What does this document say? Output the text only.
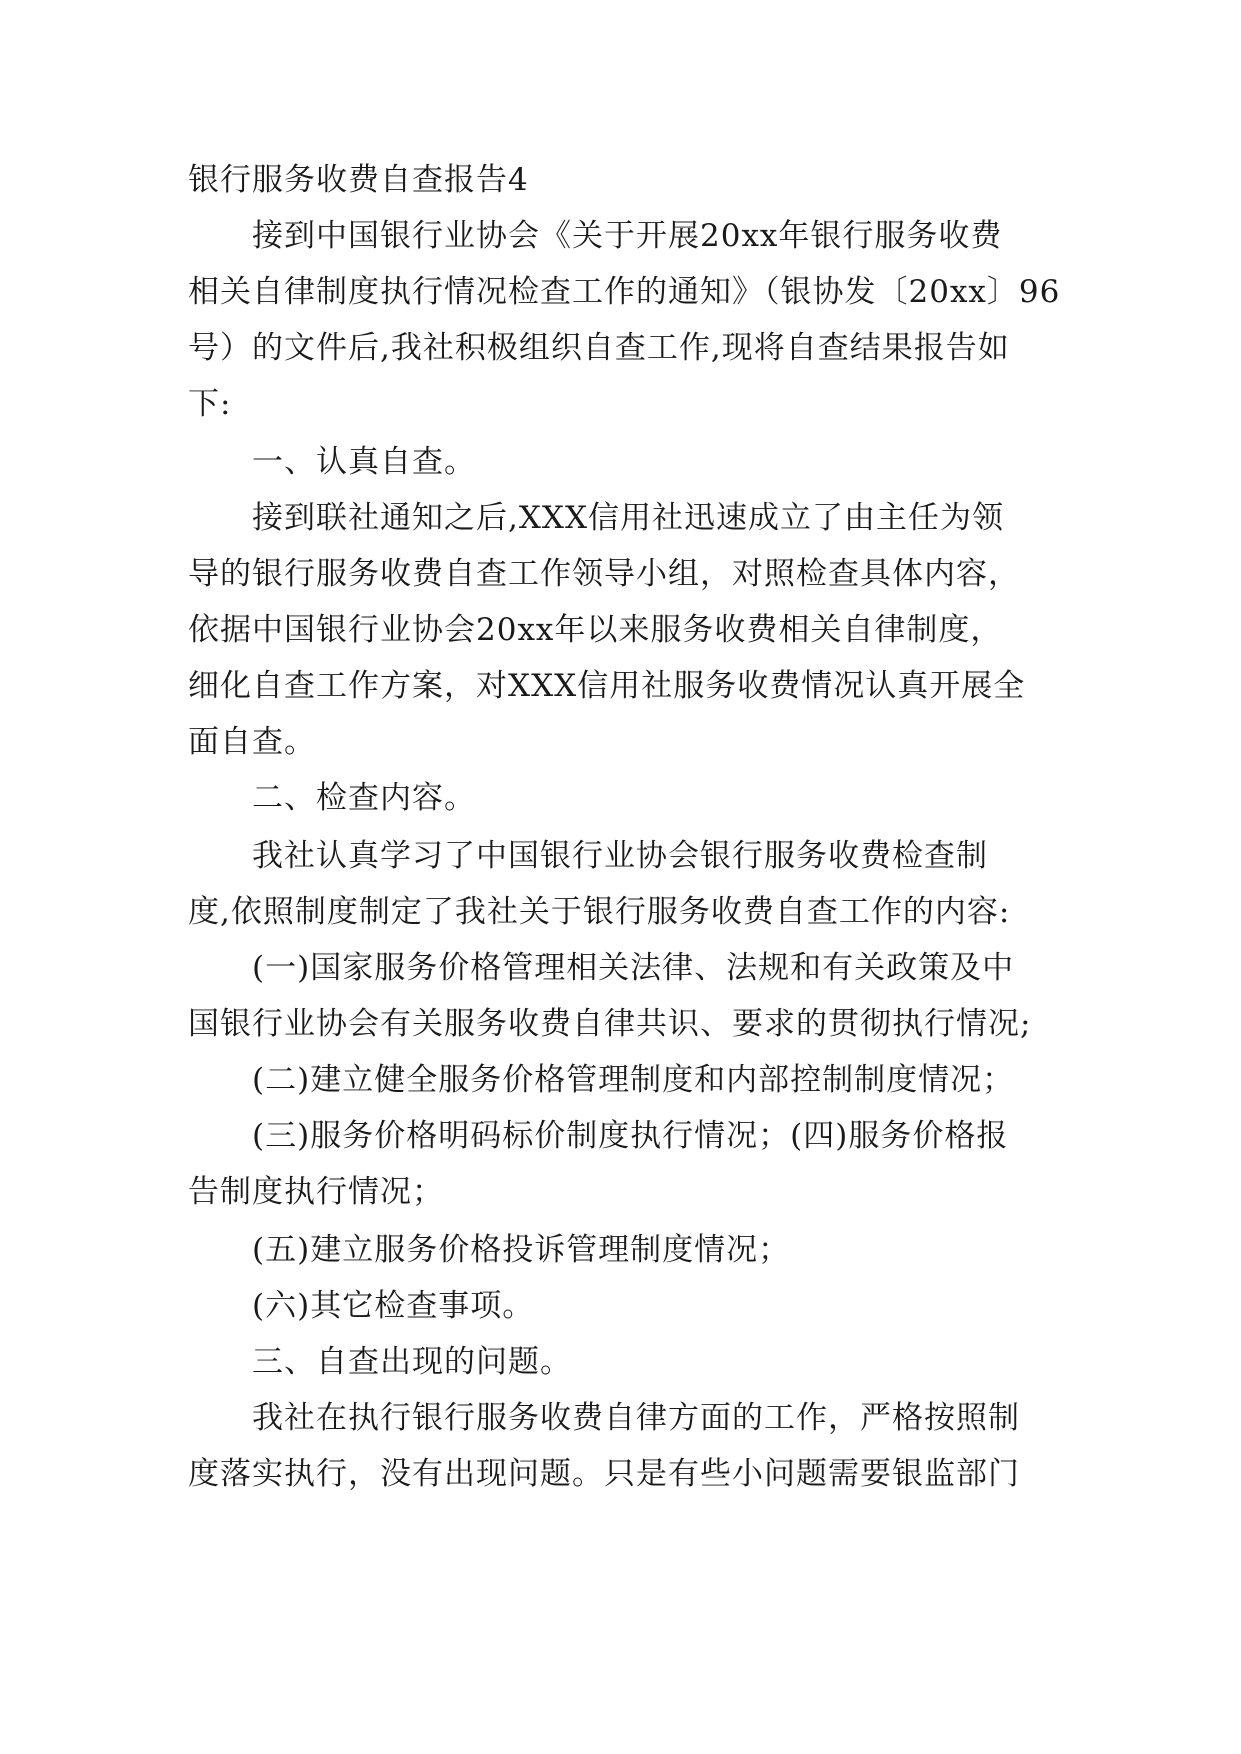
银行服务收费自查报告4
接到中国银行业协会《关于开展20xx年银行服务收费
相关自律制度执行情况检查工作的通知》（银协发〔20xx〕96
号）的文件后,我社积极组织自查工作,现将自查结果报告如
下:
一、认真自查。
接到联社通知之后,XXX信用社迅速成立了由主任为领
导的银行服务收费自查工作领导小组，对照检查具体内容，
依据中国银行业协会20xx年以来服务收费相关自律制度，
细化自查工作方案，对XXX信用社服务收费情况认真开展全
面自查。
二、检查内容。
我社认真学习了中国银行业协会银行服务收费检查制
度,依照制度制定了我社关于银行服务收费自查工作的内容:
(一)国家服务价格管理相关法律、法规和有关政策及中
国银行业协会有关服务收费自律共识、要求的贯彻执行情况;
(二)建立健全服务价格管理制度和内部控制制度情况；
(三)服务价格明码标价制度执行情况；(四)服务价格报
告制度执行情况；
(五)建立服务价格投诉管理制度情况；
(六)其它检查事项。
三、自查出现的问题。
我社在执行银行服务收费自律方面的工作，严格按照制
度落实执行，没有出现问题。只是有些小问题需要银监部门
